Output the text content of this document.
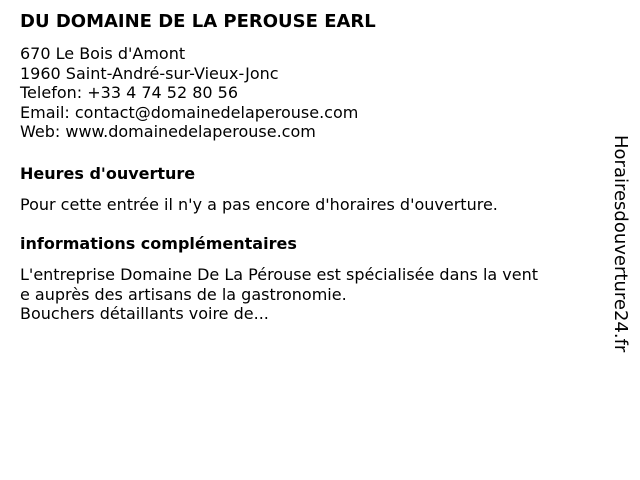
DU DOMAINE DE LA PEROUSE EARL
670 Le Bois d'Amont
1960 Saint-André-sur-Vieux-Jonc
Telefon: +33 4 74 52 80 56
Email: contact@domainedelaperouse.com
Web: www.domainedelaperouse.com
Heures d'ouverture
Pour cette entrée il n'y a pas encore d'horaires d'ouverture.
informations complémentaires
L'entreprise Domaine De La Pérouse est spécialisée dans la vent
e auprès des artisans de la gastronomie.
Bouchers détaillants voire de...	Horairesdouverture24.fr
